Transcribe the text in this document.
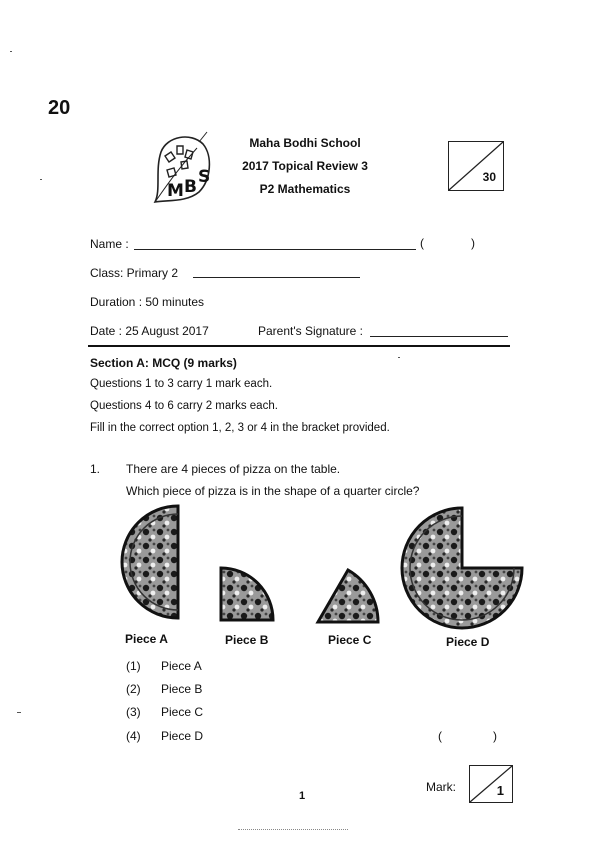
20
M B S
Maha Bodhi School
2017 Topical Review 3
P2 Mathematics
30
Name :	(	)
Class: Primary 2
Duration : 50 minutes
Date : 25 August 2017	Parent's Signature :
Section A: MCQ (9 marks)
Questions 1 to 3 carry 1 mark each.
Questions 4 to 6 carry 2 marks each.
Fill in the correct option 1, 2, 3 or 4 in the bracket provided.
1. There are 4 pieces of pizza on the table.
Which piece of pizza is in the shape of a quarter circle?
Piece A	Piece B	Piece C	Piece D
(1) Piece A
(2) Piece B
(3) Piece C
(4) Piece D	(	)
Mark:	1
1
